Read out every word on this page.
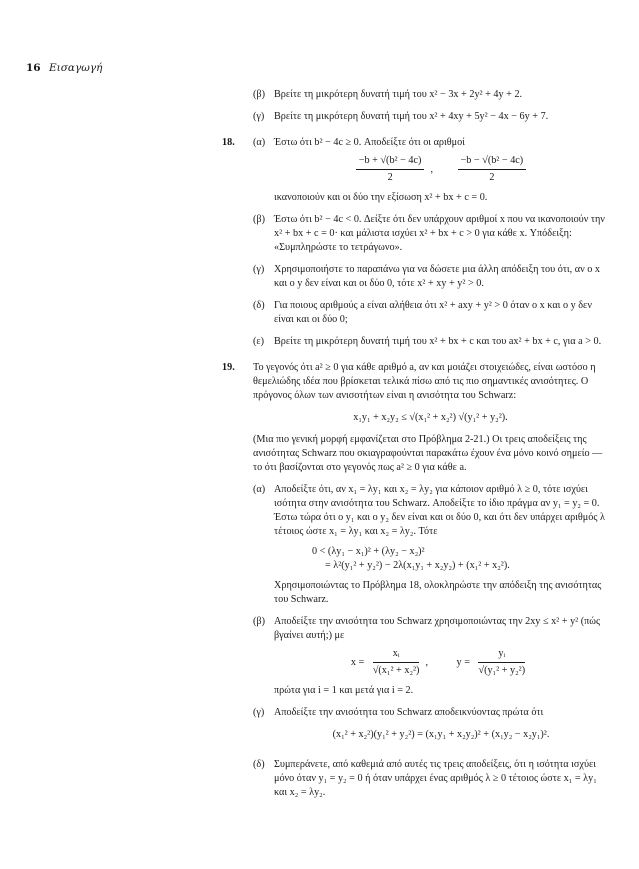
16 Εισαγωγή
(β) Βρείτε τη μικρότερη δυνατή τιμή του x² − 3x + 2y² + 4y + 2.
(γ) Βρείτε τη μικρότερη δυνατή τιμή του x² + 4xy + 5y² − 4x − 6y + 7.
18. (α) Έστω ότι b² − 4c ≥ 0. Αποδείξτε ότι οι αριθμοί
$\frac{\text{−b + √(b² − 4c)}}{2}$ , $\frac{\text{−b − √(b² − 4c)}}{2}$
ικανοποιούν και οι δύο την εξίσωση x² + bx + c = 0.
(β) Έστω ότι b² − 4c < 0. Δείξτε ότι δεν υπάρχουν αριθμοί x που να ικανοποιούν την x² + bx + c = 0· και μάλιστα ισχύει x² + bx + c > 0 για κάθε x. Υπόδειξη: «Συμπληρώστε το τετράγωνο».
(γ) Χρησιμοποιήστε το παραπάνω για να δώσετε μια άλλη απόδειξη του ότι, αν ο x και ο y δεν είναι και οι δύο 0, τότε x² + xy + y² > 0.
(δ) Για ποιους αριθμούς a είναι αλήθεια ότι x² + axy + y² > 0 όταν ο x και ο y δεν είναι και οι δύο 0;
(ε) Βρείτε τη μικρότερη δυνατή τιμή του x² + bx + c και του ax² + bx + c, για a > 0.
19. Το γεγονός ότι a² ≥ 0 για κάθε αριθμό a, αν και μοιάζει στοιχειώδες, είναι ωστόσο η θεμελιώδης ιδέα που βρίσκεται τελικά πίσω από τις πιο σημαντικές ανισότητες. Ο πρόγονος όλων των ανισοτήτων είναι η ανισότητα του Schwarz:
x₁y₁ + x₂y₂ ≤ √(x₁² + x₂²) √(y₁² + y₂²).
(Μια πιο γενική μορφή εμφανίζεται στο Πρόβλημα 2-21.) Οι τρεις αποδείξεις της ανισότητας Schwarz που σκιαγραφούνται παρακάτω έχουν ένα μόνο κοινό σημείο —το ότι βασίζονται στο γεγονός πως a² ≥ 0 για κάθε a.
(α) Αποδείξτε ότι, αν x₁ = λy₁ και x₂ = λy₂ για κάποιον αριθμό λ ≥ 0, τότε ισχύει ισότητα στην ανισότητα του Schwarz. Αποδείξτε το ίδιο πράγμα αν y₁ = y₂ = 0. Έστω τώρα ότι ο y₁ και ο y₂ δεν είναι και οι δύο 0, και ότι δεν υπάρχει αριθμός λ τέτοιος ώστε x₁ = λy₁ και x₂ = λy₂. Τότε
0 < (λy₁ − x₁)² + (λy₂ − x₂)²
= λ²(y₁² + y₂²) − 2λ(x₁y₁ + x₂y₂) + (x₁² + x₂²).
Χρησιμοποιώντας το Πρόβλημα 18, ολοκληρώστε την απόδειξη της ανισότητας του Schwarz.
(β) Αποδείξτε την ανισότητα του Schwarz χρησιμοποιώντας την 2xy ≤ x² + y² (πώς βγαίνει αυτή;) με
$x = \frac{\text{xᵢ}}{\text{√(x₁² + x₂²)}}$ ,	$y = \frac{\text{yᵢ}}{\text{√(y₁² + y₂²)}}$
πρώτα για i = 1 και μετά για i = 2.
(γ) Αποδείξτε την ανισότητα του Schwarz αποδεικνύοντας πρώτα ότι
(x₁² + x₂²)(y₁² + y₂²) = (x₁y₁ + x₂y₂)² + (x₁y₂ − x₂y₁)².
(δ) Συμπεράνετε, από καθεμιά από αυτές τις τρεις αποδείξεις, ότι η ισότητα ισχύει μόνο όταν y₁ = y₂ = 0 ή όταν υπάρχει ένας αριθμός λ ≥ 0 τέτοιος ώστε x₁ = λy₁ και x₂ = λy₂.
